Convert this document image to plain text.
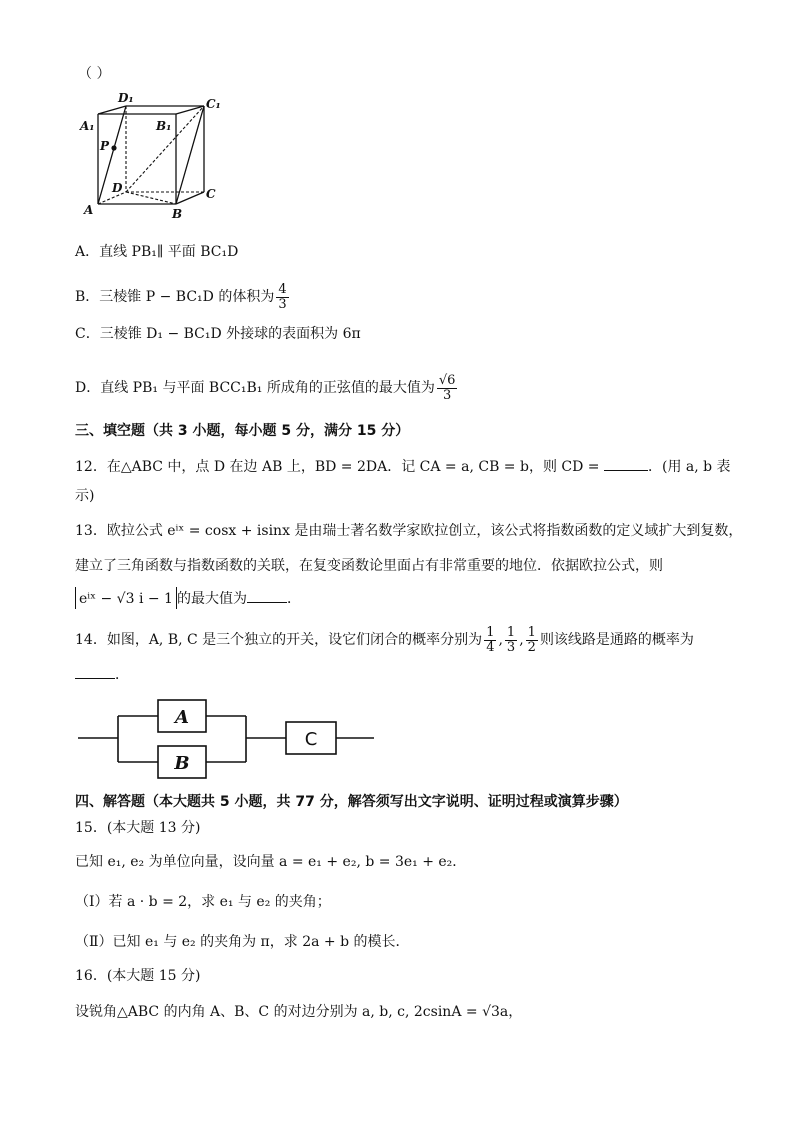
（ ）
A₁
D₁	C₁
B₁
P
D
A	B
C
A．直线 PB₁∥ 平面 BC₁D
B．三棱锥 P − BC₁D 的体积为 $\frac{4}{3}$
C．三棱锥 D₁ − BC₁D 外接球的表面积为 6π
D．直线 PB₁ 与平面 BCC₁B₁ 所成角的正弦值的最大值为 $\frac{√6}{3}$
三、填空题（共 3 小题，每小题 5 分，满分 15 分）
12．在△ABC 中，点 D 在边 AB 上，BD = 2DA．记 CA = a, CB = b，则 CD =	．(用 a, b 表
示)
13．欧拉公式 eⁱˣ = cosx + isinx 是由瑞士著名数学家欧拉创立，该公式将指数函数的定义域扩大到复数，
建立了三角函数与指数函数的关联，在复变函数论里面占有非常重要的地位．依据欧拉公式，则
eⁱˣ − √3 i − 1 的最大值为	．
14．如图，A, B, C 是三个独立的开关，设它们闭合的概率分别为 $\frac{1}{4}$ , $\frac{1}{3}$ , $\frac{1}{2}$ 则该线路是通路的概率为
．
A
B
C
四、解答题（本大题共 5 小题，共 77 分，解答须写出文字说明、证明过程或演算步骤）
15．(本大题 13 分)
已知 e₁, e₂ 为单位向量，设向量 a = e₁ + e₂, b = 3e₁ + e₂．
（Ⅰ）若 a · b = 2，求 e₁ 与 e₂ 的夹角；
（Ⅱ）已知 e₁ 与 e₂ 的夹角为 π，求 2a + b 的模长．
16．(本大题 15 分)
设锐角△ABC 的内角 A、B、C 的对边分别为 a, b, c, 2csinA = √3a，
